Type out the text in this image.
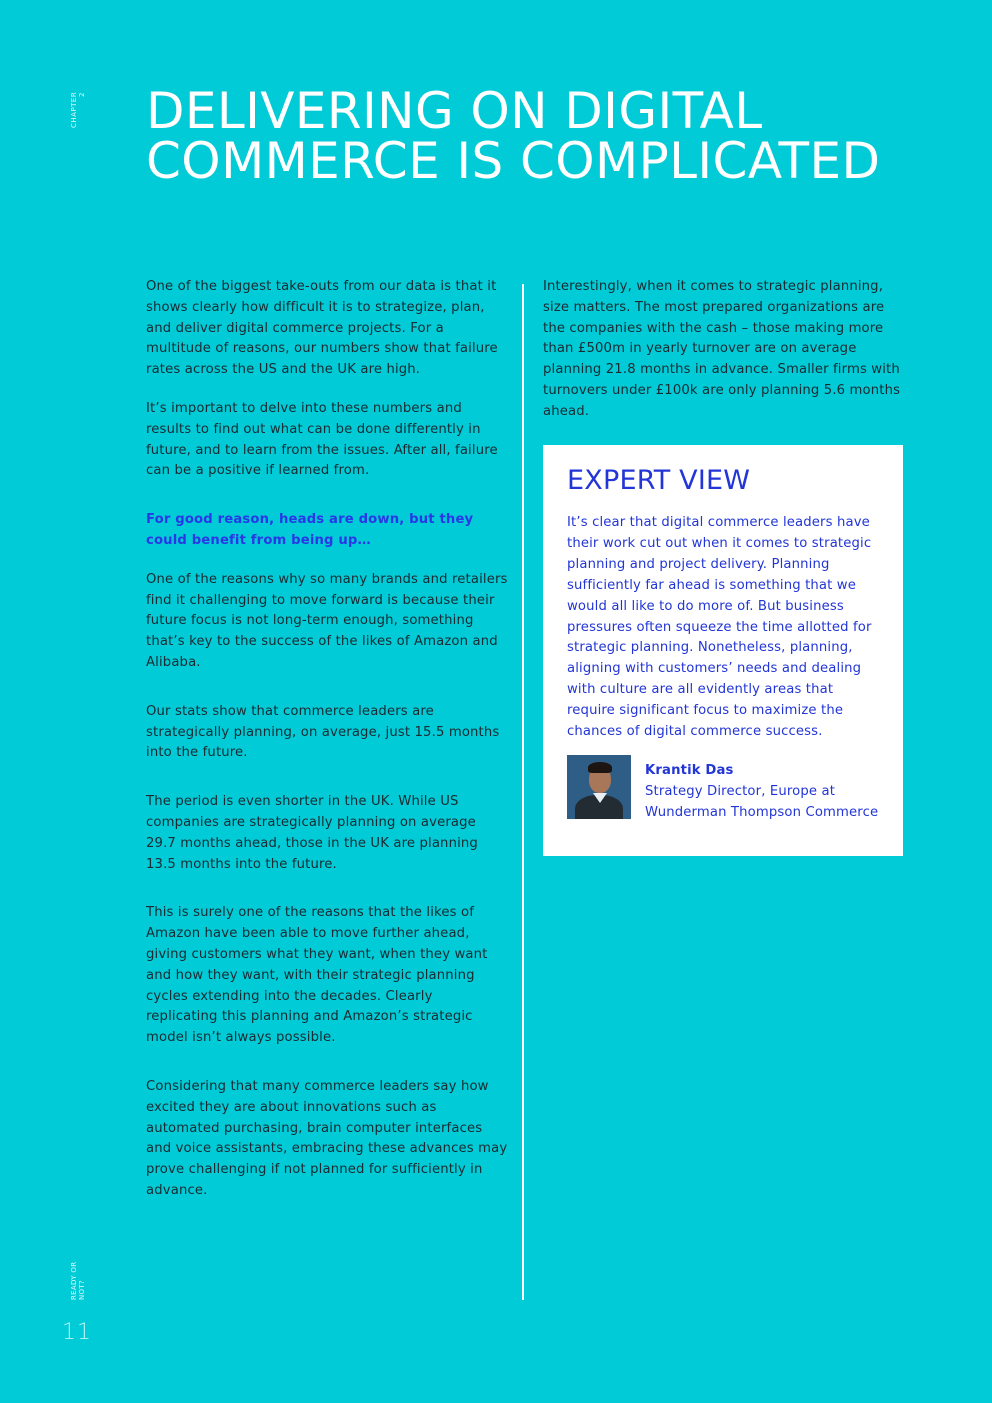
CHAPTER 2
READY OR NOT?
11
DELIVERING ON DIGITAL
COMMERCE IS COMPLICATED

One of the biggest take-outs from our data is that it shows clearly how difficult it is to strategize, plan, and deliver digital commerce projects. For a multitude of reasons, our numbers show that failure rates across the US and the UK are high.

It’s important to delve into these numbers and results to find out what can be done differently in future, and to learn from the issues. After all, failure can be a positive if learned from.

For good reason, heads are down, but they could benefit from being up…

One of the reasons why so many brands and retailers find it challenging to move forward is because their future focus is not long-term enough, something that’s key to the success of the likes of Amazon and Alibaba.

Our stats show that commerce leaders are strategically planning, on average, just 15.5 months into the future.

The period is even shorter in the UK. While US companies are strategically planning on average 29.7 months ahead, those in the UK are planning 13.5 months into the future.

This is surely one of the reasons that the likes of Amazon have been able to move further ahead, giving customers what they want, when they want and how they want, with their strategic planning cycles extending into the decades. Clearly replicating this planning and Amazon’s strategic model isn’t always possible.

Considering that many commerce leaders say how excited they are about innovations such as automated purchasing, brain computer interfaces and voice assistants, embracing these advances may prove challenging if not planned for sufficiently in advance.

Interestingly, when it comes to strategic planning, size matters. The most prepared organizations are the companies with the cash – those making more than £500m in yearly turnover are on average planning 21.8 months in advance. Smaller firms with turnovers under £100k are only planning 5.6 months ahead.

EXPERT VIEW

It’s clear that digital commerce leaders have their work cut out when it comes to strategic planning and project delivery. Planning sufficiently far ahead is something that we would all like to do more of. But business pressures often squeeze the time allotted for strategic planning. Nonetheless, planning, aligning with customers’ needs and dealing with culture are all evidently areas that require significant focus to maximize the chances of digital commerce success.

Krantik Das

Strategy Director, Europe at

Wunderman Thompson Commerce
